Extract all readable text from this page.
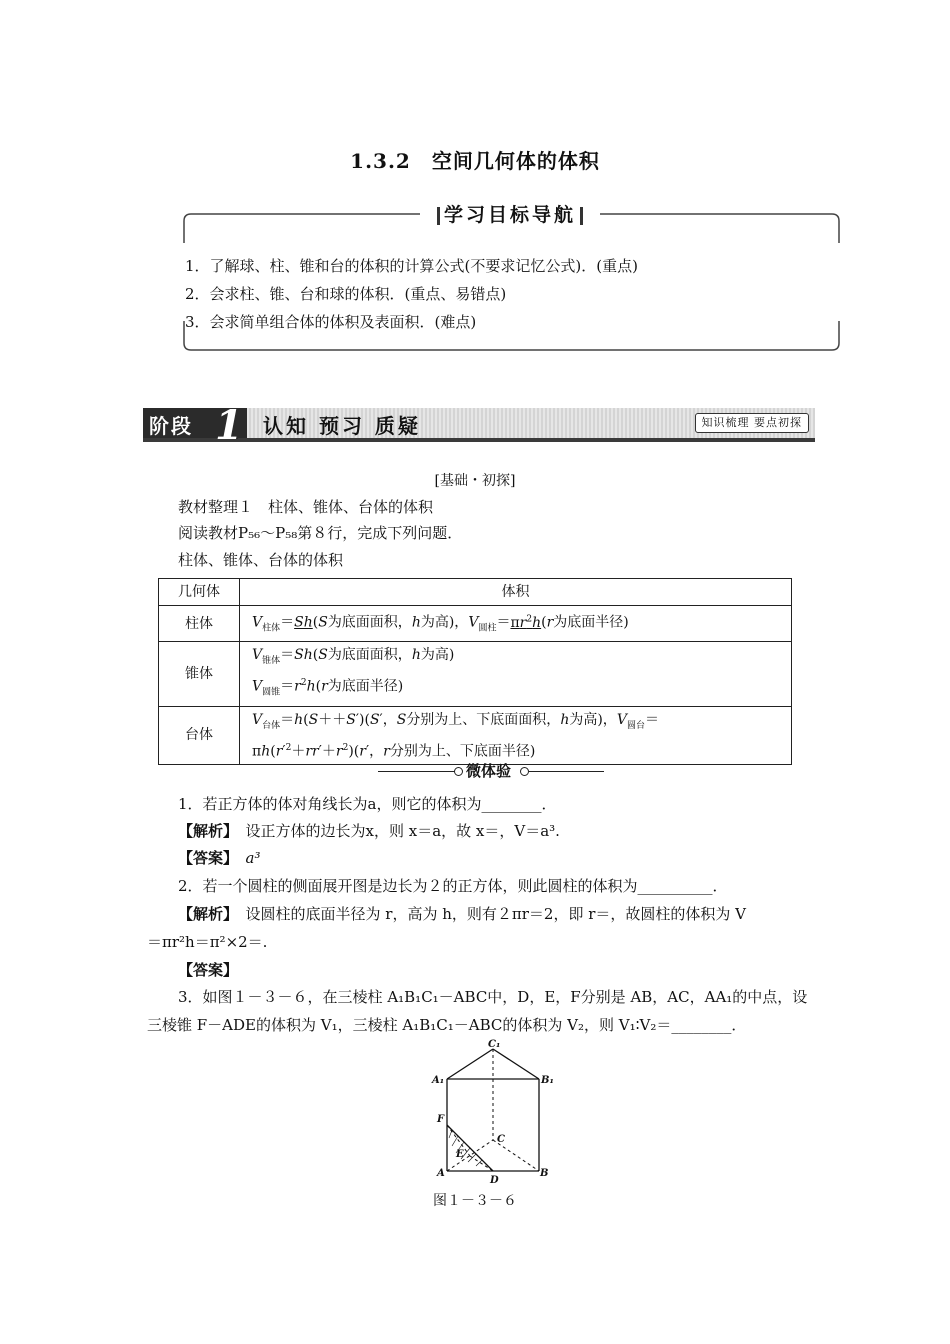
1.3.2　空间几何体的体积
学习目标导航
1．了解球、柱、锥和台的体积的计算公式(不要求记忆公式)．(重点)
2．会求柱、锥、台和球的体积．(重点、易错点)
3．会求简单组合体的体积及表面积．(难点)
阶段 1 认知 预习 质疑	知识梳理 要点初探
[基础・初探]
教材整理１　柱体、锥体、台体的体积
阅读教材P₅₆～P₅₈第８行，完成下列问题．
柱体、锥体、台体的体积
几何体	体积
柱体	$V_{柱体}=Sh(S$为底面面积，h为高)，$V_{圆柱}=\pi r^2h(r$为底面半径)
锥体	$V_{锥体}=Sh(S$为底面面积，h为高)
$V_{圆锥}=r^2h(r$为底面半径)
台体	$V_{台体}=h(S++S')(S'$，S分别为上、下底面面积，h为高)，$V_{圆台}=$
$\pi h(r'^2+rr'+r^2)(r'$，r分别为上、下底面半径)
微体验
1．若正方体的体对角线长为a，则它的体积为________．
【解析】　 设正方体的边长为x，则 x＝a，故 x＝，V＝a³.
【答案】　 a³
2．若一个圆柱的侧面展开图是边长为２的正方体，则此圆柱的体积为__________．
【解析】　 设圆柱的底面半径为 r，高为 h，则有２πr＝2，即 r＝，故圆柱的体积为 V
＝πr²h＝π²×2＝.
【答案】
3．如图１－３－６，在三棱柱 A₁B₁C₁－ABC中，D，E，F分别是 AB，AC，AA₁的中点，设
三棱锥 F－ADE的体积为 V₁，三棱柱 A₁B₁C₁－ABC的体积为 V₂，则 V₁∶V₂＝________．
C₁
A₁	B₁
F
C
E
A
D
B
图１－３－６
